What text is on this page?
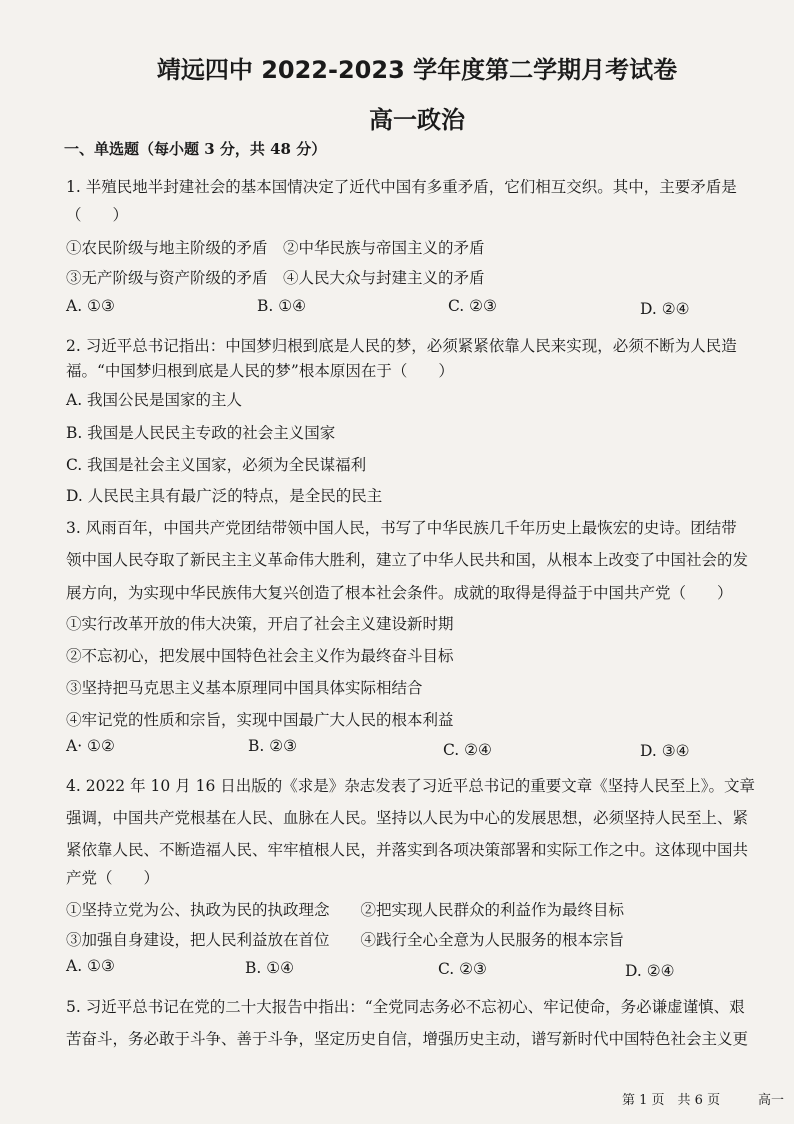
靖远四中 2022-2023 学年度第二学期月考试卷
高一政治
一、单选题（每小题 3 分，共 48 分）
1. 半殖民地半封建社会的基本国情决定了近代中国有多重矛盾，它们相互交织。其中，主要矛盾是
（　　）
①农民阶级与地主阶级的矛盾　②中华民族与帝国主义的矛盾
③无产阶级与资产阶级的矛盾　④人民大众与封建主义的矛盾
A. ①③	B. ①④	C. ②③	D. ②④
2. 习近平总书记指出：中国梦归根到底是人民的梦，必须紧紧依靠人民来实现，必须不断为人民造
福。“中国梦归根到底是人民的梦”根本原因在于（　　）
A. 我国公民是国家的主人
B. 我国是人民民主专政的社会主义国家
C. 我国是社会主义国家，必须为全民谋福利
D. 人民民主具有最广泛的特点，是全民的民主
3. 风雨百年，中国共产党团结带领中国人民，书写了中华民族几千年历史上最恢宏的史诗。团结带
领中国人民夺取了新民主主义革命伟大胜利，建立了中华人民共和国，从根本上改变了中国社会的发
展方向，为实现中华民族伟大复兴创造了根本社会条件。成就的取得是得益于中国共产党（　　）
①实行改革开放的伟大决策，开启了社会主义建设新时期
②不忘初心，把发展中国特色社会主义作为最终奋斗目标
③坚持把马克思主义基本原理同中国具体实际相结合
④牢记党的性质和宗旨，实现中国最广大人民的根本利益
A· ①②	B. ②③	C. ②④	D. ③④
4. 2022 年 10 月 16 日出版的《求是》杂志发表了习近平总书记的重要文章《坚持人民至上》。文章
强调，中国共产党根基在人民、血脉在人民。坚持以人民为中心的发展思想，必须坚持人民至上、紧
紧依靠人民、不断造福人民、牢牢植根人民，并落实到各项决策部署和实际工作之中。这体现中国共
产党（　　）
①坚持立党为公、执政为民的执政理念　　②把实现人民群众的利益作为最终目标
③加强自身建设，把人民利益放在首位　　④践行全心全意为人民服务的根本宗旨
A. ①③	B. ①④	C. ②③	D. ②④
5. 习近平总书记在党的二十大报告中指出：“全党同志务必不忘初心、牢记使命，务必谦虚谨慎、艰
苦奋斗，务必敢于斗争、善于斗争，坚定历史自信，增强历史主动，谱写新时代中国特色社会主义更
第 1 页　共 6 页	高一
